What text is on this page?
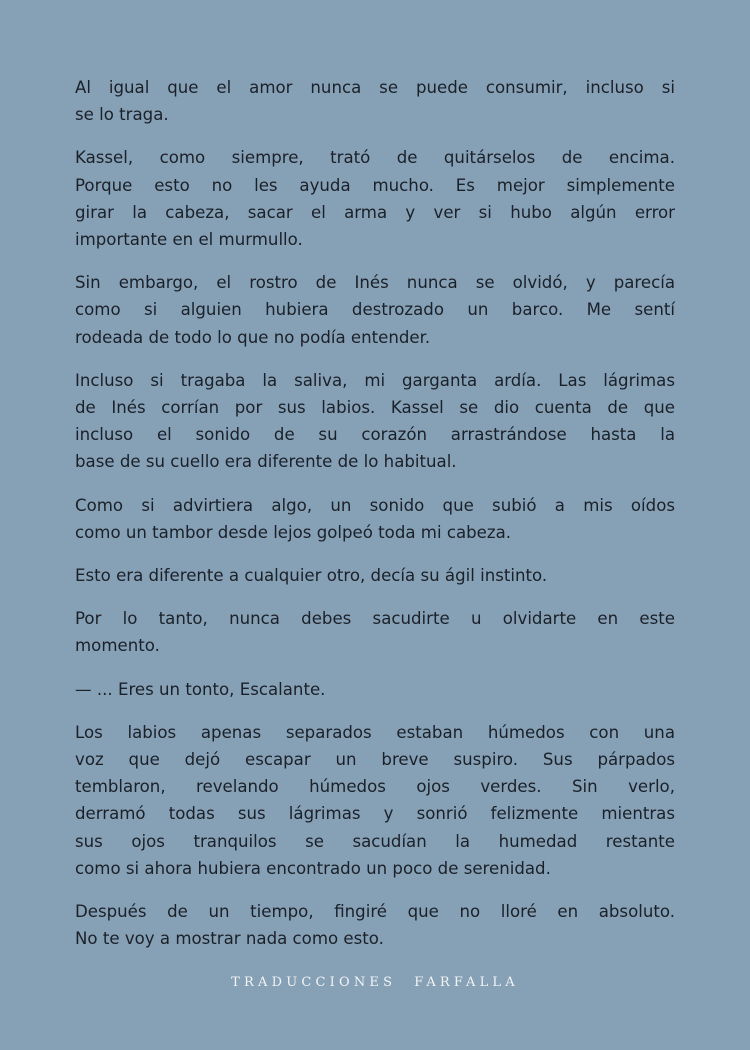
Al igual que el amor nunca se puede consumir, incluso si
se lo traga.
Kassel, como siempre, trató de quitárselos de encima.
Porque esto no les ayuda mucho. Es mejor simplemente
girar la cabeza, sacar el arma y ver si hubo algún error
importante en el murmullo.
Sin embargo, el rostro de Inés nunca se olvidó, y parecía
como si alguien hubiera destrozado un barco. Me sentí
rodeada de todo lo que no podía entender.
Incluso si tragaba la saliva, mi garganta ardía. Las lágrimas
de Inés corrían por sus labios. Kassel se dio cuenta de que
incluso el sonido de su corazón arrastrándose hasta la
base de su cuello era diferente de lo habitual.
Como si advirtiera algo, un sonido que subió a mis oídos
como un tambor desde lejos golpeó toda mi cabeza.
Esto era diferente a cualquier otro, decía su ágil instinto.
Por lo tanto, nunca debes sacudirte u olvidarte en este
momento.
— ... Eres un tonto, Escalante.
Los labios apenas separados estaban húmedos con una
voz que dejó escapar un breve suspiro. Sus párpados
temblaron, revelando húmedos ojos verdes. Sin verlo,
derramó todas sus lágrimas y sonrió felizmente mientras
sus ojos tranquilos se sacudían la humedad restante
como si ahora hubiera encontrado un poco de serenidad.
Después de un tiempo, fingiré que no lloré en absoluto.
No te voy a mostrar nada como esto.
TRADUCCIONES FARFALLA
